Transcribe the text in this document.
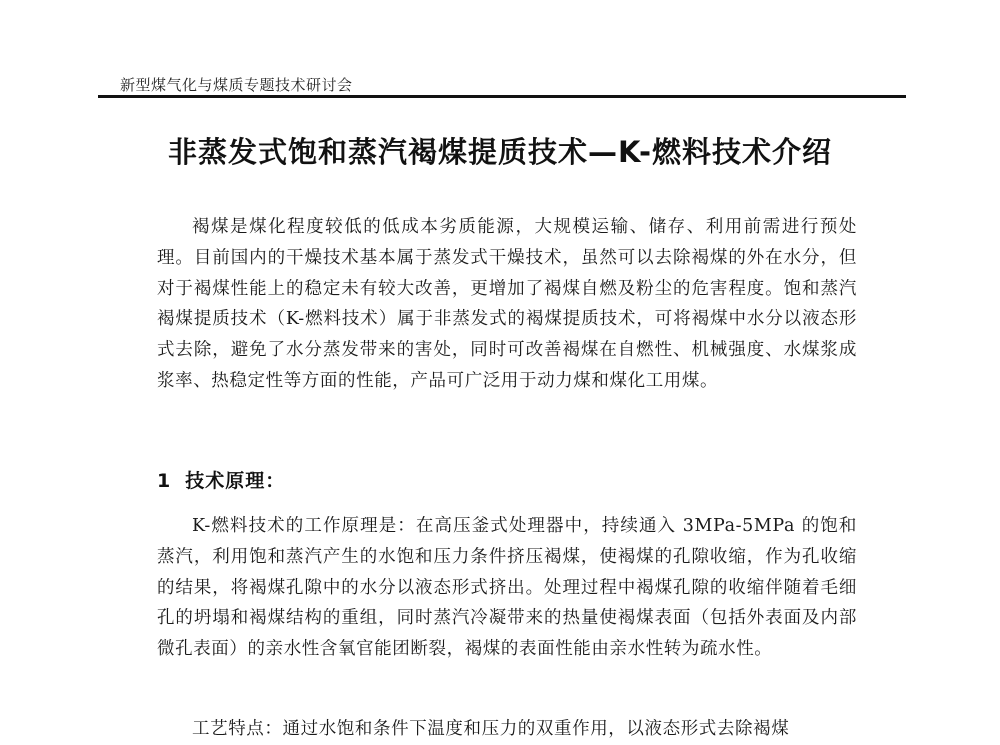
新型煤气化与煤质专题技术研讨会
非蒸发式饱和蒸汽褐煤提质技术—K-燃料技术介绍

褐煤是煤化程度较低的低成本劣质能源，大规模运输、储存、利用前需进行预处理。目前国内的干燥技术基本属于蒸发式干燥技术，虽然可以去除褐煤的外在水分，但对于褐煤性能上的稳定未有较大改善，更增加了褐煤自燃及粉尘的危害程度。饱和蒸汽褐煤提质技术（K-燃料技术）属于非蒸发式的褐煤提质技术，可将褐煤中水分以液态形式去除，避免了水分蒸发带来的害处，同时可改善褐煤在自燃性、机械强度、水煤浆成浆率、热稳定性等方面的性能，产品可广泛用于动力煤和煤化工用煤。

1 技术原理：

K-燃料技术的工作原理是：在高压釜式处理器中，持续通入 3MPa-5MPa 的饱和蒸汽，利用饱和蒸汽产生的水饱和压力条件挤压褐煤，使褐煤的孔隙收缩，作为孔收缩的结果，将褐煤孔隙中的水分以液态形式挤出。处理过程中褐煤孔隙的收缩伴随着毛细孔的坍塌和褐煤结构的重组，同时蒸汽冷凝带来的热量使褐煤表面（包括外表面及内部微孔表面）的亲水性含氧官能团断裂，褐煤的表面性能由亲水性转为疏水性。

工艺特点：通过水饱和条件下温度和压力的双重作用，以液态形式去除褐煤
